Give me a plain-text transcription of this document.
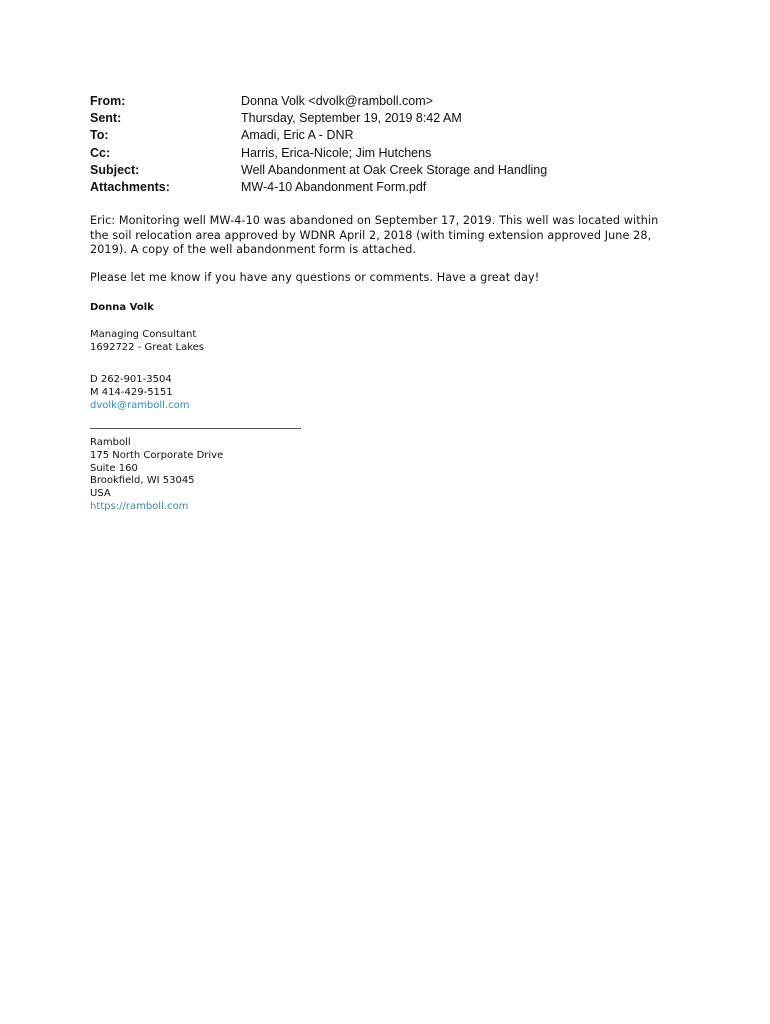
From:	Donna Volk <dvolk@ramboll.com>
Sent:	Thursday, September 19, 2019 8:42 AM
To:	Amadi, Eric A - DNR
Cc:	Harris, Erica-Nicole; Jim Hutchens
Subject:	Well Abandonment at Oak Creek Storage and Handling
Attachments:	MW-4-10 Abandonment Form.pdf
Eric: Monitoring well MW-4-10 was abandoned on September 17, 2019. This well was located within
the soil relocation area approved by WDNR April 2, 2018 (with timing extension approved June 28,
2019). A copy of the well abandonment form is attached.
Please let me know if you have any questions or comments. Have a great day!
Donna Volk
Managing Consultant
1692722 - Great Lakes
D 262-901-3504
M 414-429-5151
dvolk@ramboll.com
Ramboll
175 North Corporate Drive
Suite 160
Brookfield, WI 53045
USA
https://ramboll.com
